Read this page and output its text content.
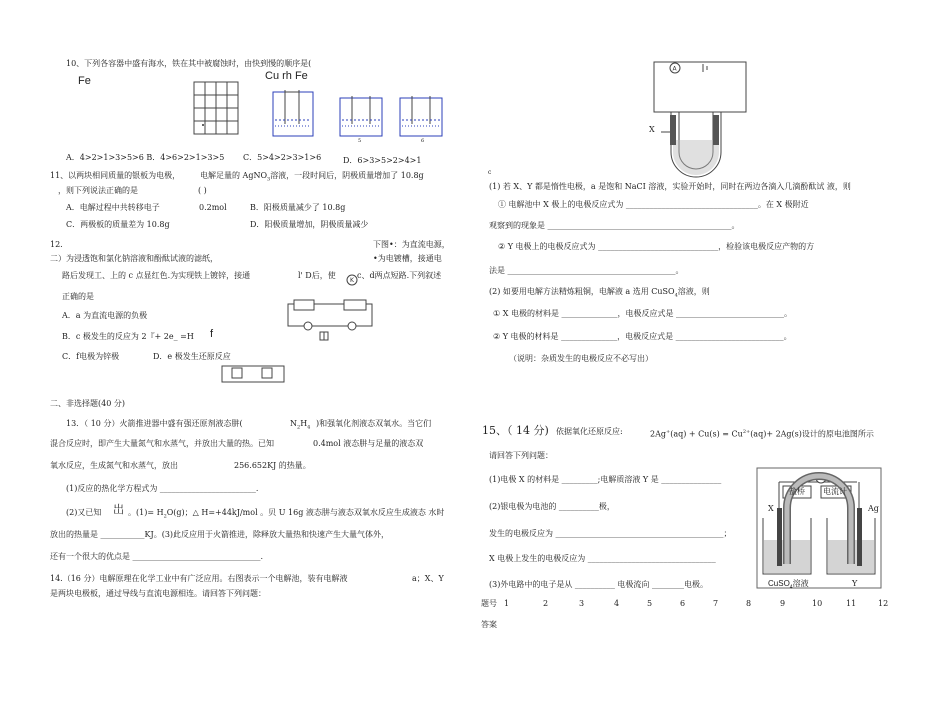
10、下列各容器中盛有海水，铁在其中被腐蚀时，由快到慢的顺序是(
Fe	Cu rh Fe
5	6
A．4>2>1>3>5>6 B．4>6>2>1>3>5 C．5>4>2>3>1>6	D．6>3>5>2>4>1
11、以两块相同质量的银板为电极， 电解足量的 AgNO$_3$溶液，一段时间后，阴极质量增加了 10.8g
，则下列说法正确的是	( )
A．电解过程中共转移电子	0.2mol	B．阳极质量减少了 10.8g
C．两极板的质量差为 10.8g	D．阳极质量增加，阴极质量减少
12.	下图•：为直流电源，
二）为浸透饱和氯化钠溶液和酚酞试液的滤纸，	•为电镀槽，接通电
路后发现工、上的 c 点显红色.为实现铁上镀锌，接通	l' D后，使	c、d两点短路.下列叙述
K
正确的是
A．a 为直流电源的负极
B．c 极发生的反应为 2『+ 2e_ =H f
C．f电极为锌极	D．e 极发生还原反应
二、非选择题(40 分)
13．（ 10 分）火箭推进器中盛有强还原剂液态肼(	$N_2H_4$ )和强氧化剂液态双氧水。当它们
混合反应时，即产生大量氮气和水蒸气，并放出大量的热。已知	0.4mol 液态肼与足量的液态双
氧水反应，生成氮气和水蒸气，放出	256.652KJ 的热量。
(1)反应的热化学方程式为 ________________________.
(2)又已知 岀 。$(1)= H_2O(g)$；△ H=+44kJ/mol 。贝 U 16g 液态肼与液态双氧水反应生成液态 水时
放出的热量是 ___________KJ。(3)此反应用于火箭推进，除释放大量热和快速产生大量气体外，
还有一个很大的优点是 ________________________________.
14.（16 分）电解原理在化学工业中有广泛应用。右图表示一个电解池，装有电解液	a；X、Y
是两块电极板，通过导线与直流电源相连。请回答下列问题：
A
X
c
(1) 若 X、Y 都是惰性电极，a 是饱和 NaCI 溶液，实验开始时，同时在两边各滴入几滴酚酞试 液，则
① 电解池中 X 极上的电极反应式为 _________________________________。在 X 极附近
观察到的现象是 ______________________________________________。
② Y 电极上的电极反应式为 ______________________________，检验该电极反应产物的方
法是 __________________________________________。
(2) 如要用电解方法精炼粗铜，电解液 a 选用 CuSO$_4$溶液，则
① X 电极的材料是 ______________，电极反应式是 ___________________________。
② Y 电极的材料是 ______________，电极反应式是 ___________________________。
（说明：杂质发生的电极反应不必写出）
15、（ 14 分) 依据氧化还原反应:	$2Ag^+(aq) + Cu(s) = Cu^{2+}(aq)+ 2Ag(s)$设计的原电池图所示
请回答下列问题：
(1)电极 X 的材料是 _________;电解质溶液 Y 是 _______________
(2)银电极为电池的 __________极，
发生的电极反应为 __________________________________________；
X 电极上发生的电极反应为 ________________________________
(3)外电路中的电子是从 __________ 电极流向 ________电极。
盐桥 电流计
X	Ag
CuSO$_4$溶液	Y
题号 1	2	3	4	5	6	7	8	9	10	11	12
答案
